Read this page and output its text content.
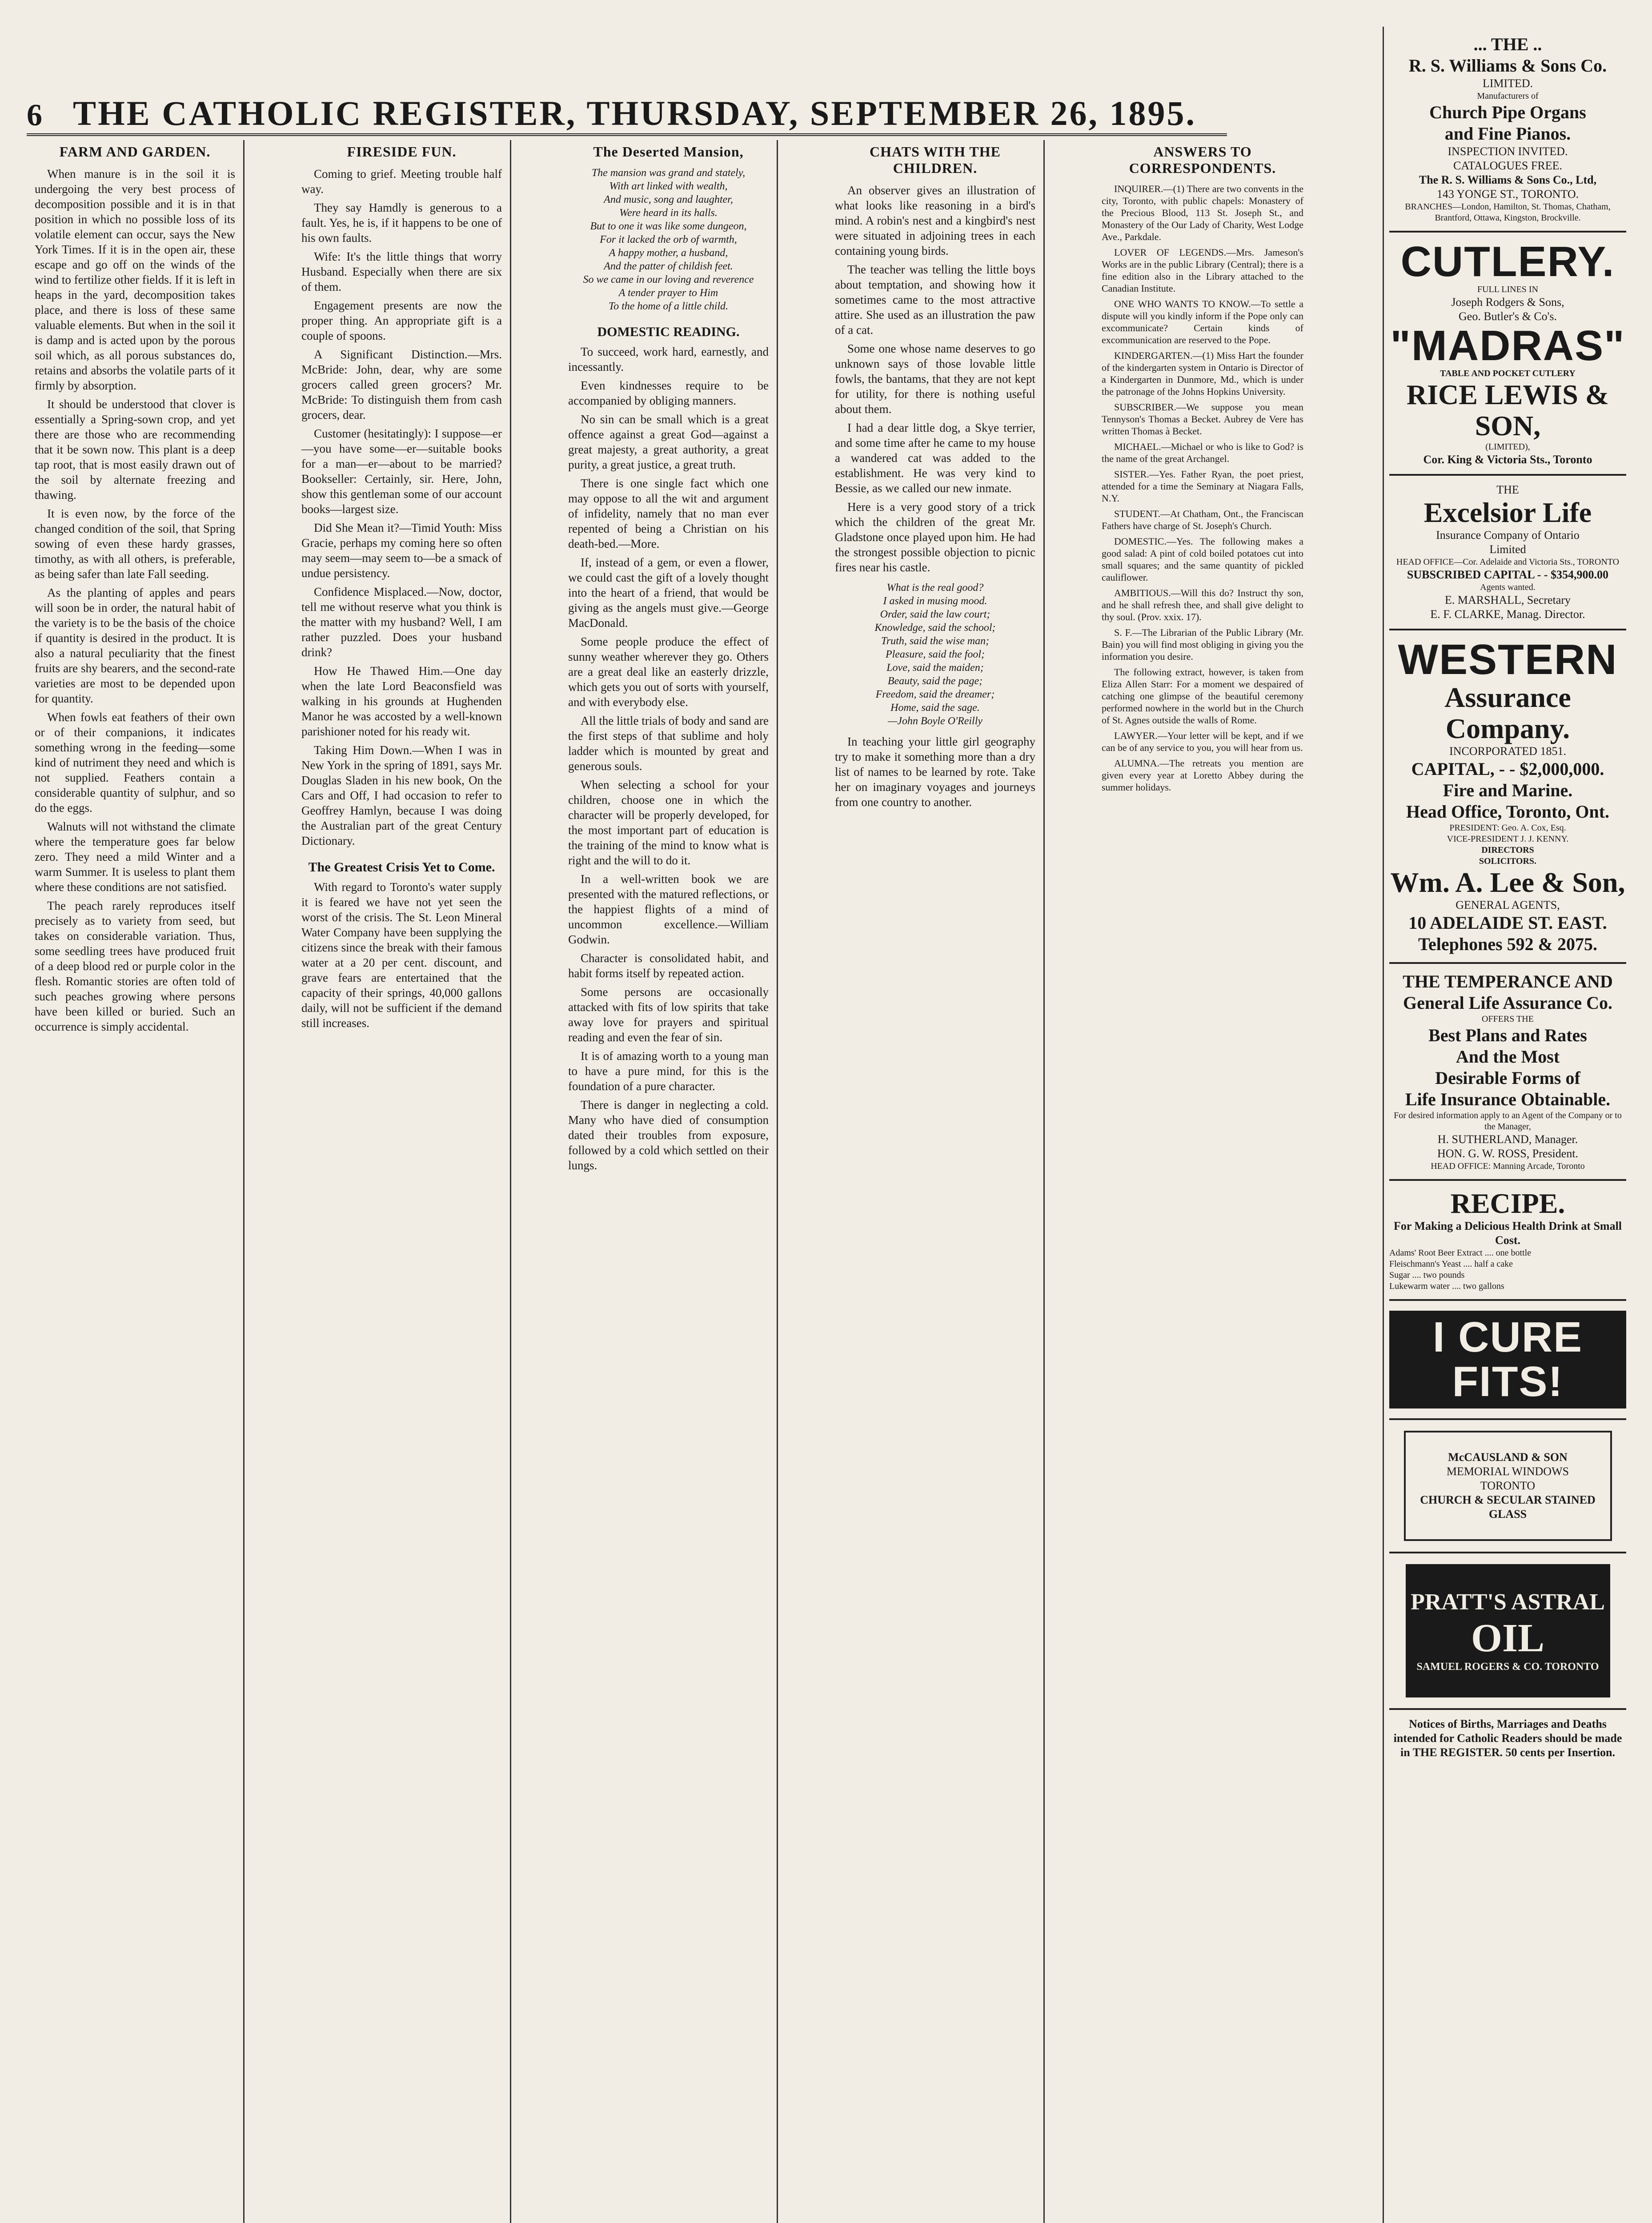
6 THE CATHOLIC REGISTER, THURSDAY, SEPTEMBER 26, 1895.
FARM AND GARDEN.

When manure is in the soil it is undergoing the very best process of decomposition possible and it is in that position in which no possible loss of its volatile element can occur, says the New York Times. If it is in the open air, these escape and go off on the winds of the wind to fertilize other fields. If it is left in heaps in the yard, decomposition takes place, and there is loss of these same valuable elements. But when in the soil it is damp and is acted upon by the porous soil which, as all porous substances do, retains and absorbs the volatile parts of it firmly by absorption.

It should be understood that clover is essentially a Spring-sown crop, and yet there are those who are recommending that it be sown now. This plant is a deep tap root, that is most easily drawn out of the soil by alternate freezing and thawing.

It is even now, by the force of the changed condition of the soil, that Spring sowing of even these hardy grasses, timothy, as with all others, is preferable, as being safer than late Fall seeding.

As the planting of apples and pears will soon be in order, the natural habit of the variety is to be the basis of the choice if quantity is desired in the product. It is also a natural peculiarity that the finest fruits are shy bearers, and the second-rate varieties are most to be depended upon for quantity.

When fowls eat feathers of their own or of their companions, it indicates something wrong in the feeding—some kind of nutriment they need and which is not supplied. Feathers contain a considerable quantity of sulphur, and so do the eggs.

Walnuts will not withstand the climate where the temperature goes far below zero. They need a mild Winter and a warm Summer. It is useless to plant them where these conditions are not satisfied.

The peach rarely reproduces itself precisely as to variety from seed, but takes on considerable variation. Thus, some seedling trees have produced fruit of a deep blood red or purple color in the flesh. Romantic stories are often told of such peaches growing where persons have been killed or buried. Such an occurrence is simply accidental.

FIRESIDE FUN.

Coming to grief. Meeting trouble half way.

They say Hamdly is generous to a fault. Yes, he is, if it happens to be one of his own faults.

Wife: It's the little things that worry Husband. Especially when there are six of them.

Engagement presents are now the proper thing. An appropriate gift is a couple of spoons.

A Significant Distinction.—Mrs. McBride: John, dear, why are some grocers called green grocers? Mr. McBride: To distinguish them from cash grocers, dear.

Customer (hesitatingly): I suppose—er—you have some—er—suitable books for a man—er—about to be married? Bookseller: Certainly, sir. Here, John, show this gentleman some of our account books—largest size.

Did She Mean it?—Timid Youth: Miss Gracie, perhaps my coming here so often may seem—may seem to—be a smack of undue persistency.

Confidence Misplaced.—Now, doctor, tell me without reserve what you think is the matter with my husband? Well, I am rather puzzled. Does your husband drink?

How He Thawed Him.—One day when the late Lord Beaconsfield was walking in his grounds at Hughenden Manor he was accosted by a well-known parishioner noted for his ready wit.

Taking Him Down.—When I was in New York in the spring of 1891, says Mr. Douglas Sladen in his new book, On the Cars and Off, I had occasion to refer to Geoffrey Hamlyn, because I was doing the Australian part of the great Century Dictionary.

The Greatest Crisis Yet to Come.

With regard to Toronto's water supply it is feared we have not yet seen the worst of the crisis. The St. Leon Mineral Water Company have been supplying the citizens since the break with their famous water at a 20 per cent. discount, and grave fears are entertained that the capacity of their springs, 40,000 gallons daily, will not be sufficient if the demand still increases.

The Deserted Mansion,
The mansion was grand and stately,
With art linked with wealth,
And music, song and laughter,
Were heard in its halls.
But to one it was like some dungeon,
For it lacked the orb of warmth,
A happy mother, a husband,
And the patter of childish feet.
So we came in our loving and reverence
A tender prayer to Him
To the home of a little child.
DOMESTIC READING.

To succeed, work hard, earnestly, and incessantly.

Even kindnesses require to be accompanied by obliging manners.

No sin can be small which is a great offence against a great God—against a great majesty, a great authority, a great purity, a great justice, a great truth.

There is one single fact which one may oppose to all the wit and argument of infidelity, namely that no man ever repented of being a Christian on his death-bed.—More.

If, instead of a gem, or even a flower, we could cast the gift of a lovely thought into the heart of a friend, that would be giving as the angels must give.—George MacDonald.

Some people produce the effect of sunny weather wherever they go. Others are a great deal like an easterly drizzle, which gets you out of sorts with yourself, and with everybody else.

All the little trials of body and sand are the first steps of that sublime and holy ladder which is mounted by great and generous souls.

When selecting a school for your children, choose one in which the character will be properly developed, for the most important part of education is the training of the mind to know what is right and the will to do it.

In a well-written book we are presented with the matured reflections, or the happiest flights of a mind of uncommon excellence.—William Godwin.

Character is consolidated habit, and habit forms itself by repeated action.

Some persons are occasionally attacked with fits of low spirits that take away love for prayers and spiritual reading and even the fear of sin.

It is of amazing worth to a young man to have a pure mind, for this is the foundation of a pure character.

There is danger in neglecting a cold. Many who have died of consumption dated their troubles from exposure, followed by a cold which settled on their lungs.

CHATS WITH THE CHILDREN.

An observer gives an illustration of what looks like reasoning in a bird's mind. A robin's nest and a kingbird's nest were situated in adjoining trees in each containing young birds.

The teacher was telling the little boys about temptation, and showing how it sometimes came to the most attractive attire. She used as an illustration the paw of a cat.

Some one whose name deserves to go unknown says of those lovable little fowls, the bantams, that they are not kept for utility, for there is nothing useful about them.

I had a dear little dog, a Skye terrier, and some time after he came to my house a wandered cat was added to the establishment. He was very kind to Bessie, as we called our new inmate.

Here is a very good story of a trick which the children of the great Mr. Gladstone once played upon him. He had the strongest possible objection to picnic fires near his castle.

What is the real good?
I asked in musing mood.
Order, said the law court;
Knowledge, said the school;
Truth, said the wise man;
Pleasure, said the fool;
Love, said the maiden;
Beauty, said the page;
Freedom, said the dreamer;
Home, said the sage.
—John Boyle O'Reilly

In teaching your little girl geography try to make it something more than a dry list of names to be learned by rote. Take her on imaginary voyages and journeys from one country to another.

ANSWERS TO CORRESPONDENTS.

INQUIRER.—(1) There are two convents in the city, Toronto, with public chapels: Monastery of the Precious Blood, 113 St. Joseph St., and Monastery of the Our Lady of Charity, West Lodge Ave., Parkdale.

LOVER OF LEGENDS.—Mrs. Jameson's Works are in the public Library (Central); there is a fine edition also in the Library attached to the Canadian Institute.

ONE WHO WANTS TO KNOW.—To settle a dispute will you kindly inform if the Pope only can excommunicate? Certain kinds of excommunication are reserved to the Pope.

KINDERGARTEN.—(1) Miss Hart the founder of the kindergarten system in Ontario is Director of a Kindergarten in Dunmore, Md., which is under the patronage of the Johns Hopkins University.

SUBSCRIBER.—We suppose you mean Tennyson's Thomas a Becket. Aubrey de Vere has written Thomas à Becket.

MICHAEL.—Michael or who is like to God? is the name of the great Archangel.

SISTER.—Yes. Father Ryan, the poet priest, attended for a time the Seminary at Niagara Falls, N.Y.

STUDENT.—At Chatham, Ont., the Franciscan Fathers have charge of St. Joseph's Church.

DOMESTIC.—Yes. The following makes a good salad: A pint of cold boiled potatoes cut into small squares; and the same quantity of pickled cauliflower.

AMBITIOUS.—Will this do? Instruct thy son, and he shall refresh thee, and shall give delight to thy soul. (Prov. xxix. 17).

S. F.—The Librarian of the Public Library (Mr. Bain) you will find most obliging in giving you the information you desire.

The following extract, however, is taken from Eliza Allen Starr: For a moment we despaired of catching one glimpse of the beautiful ceremony performed nowhere in the world but in the Church of St. Agnes outside the walls of Rome.

LAWYER.—Your letter will be kept, and if we can be of any service to you, you will hear from us.

ALUMNA.—The retreats you mention are given every year at Loretto Abbey during the summer holidays.

... THE ..
R. S. Williams & Sons Co.
LIMITED.
Manufacturers of
Church Pipe Organs
and Fine Pianos.
INSPECTION INVITED.
CATALOGUES FREE.
The R. S. Williams & Sons Co., Ltd,
143 YONGE ST., TORONTO.
BRANCHES—London, Hamilton, St. Thomas, Chatham, Brantford, Ottawa, Kingston, Brockville.
CUTLERY.
FULL LINES IN
Joseph Rodgers & Sons,
Geo. Butler's & Co's.
"MADRAS"
TABLE AND POCKET CUTLERY
RICE LEWIS & SON,
(LIMITED),
Cor. King & Victoria Sts., Toronto
THE
Excelsior Life
Insurance Company of Ontario
Limited
HEAD OFFICE—Cor. Adelaide and Victoria Sts., TORONTO
SUBSCRIBED CAPITAL - - $354,900.00
Agents wanted.
E. MARSHALL, Secretary
E. F. CLARKE, Manag. Director.
WESTERN
Assurance Company.
INCORPORATED 1851.
CAPITAL, - - $2,000,000.
Fire and Marine.
Head Office, Toronto, Ont.
PRESIDENT: Geo. A. Cox, Esq.
VICE-PRESIDENT J. J. KENNY.
DIRECTORS
SOLICITORS.
Wm. A. Lee & Son,
GENERAL AGENTS,
10 ADELAIDE ST. EAST.
Telephones 592 & 2075.
THE TEMPERANCE AND
General Life Assurance Co.
OFFERS THE
Best Plans and Rates
And the Most
Desirable Forms of
Life Insurance Obtainable.
For desired information apply to an Agent of the Company or to the Manager,
H. SUTHERLAND, Manager.
HON. G. W. ROSS, President.
HEAD OFFICE: Manning Arcade, Toronto
RECIPE.
For Making a Delicious Health Drink at Small Cost.
Adams' Root Beer Extract .... one bottle
Fleischmann's Yeast .... half a cake
Sugar .... two pounds
Lukewarm water .... two gallons
I CURE FITS!
McCAUSLAND & SON
MEMORIAL WINDOWS
TORONTO
CHURCH & SECULAR STAINED GLASS
PRATT'S ASTRAL
OIL
SAMUEL ROGERS & CO. TORONTO
Notices of Births, Marriages and Deaths intended for Catholic Readers should be made in THE REGISTER. 50 cents per Insertion.
